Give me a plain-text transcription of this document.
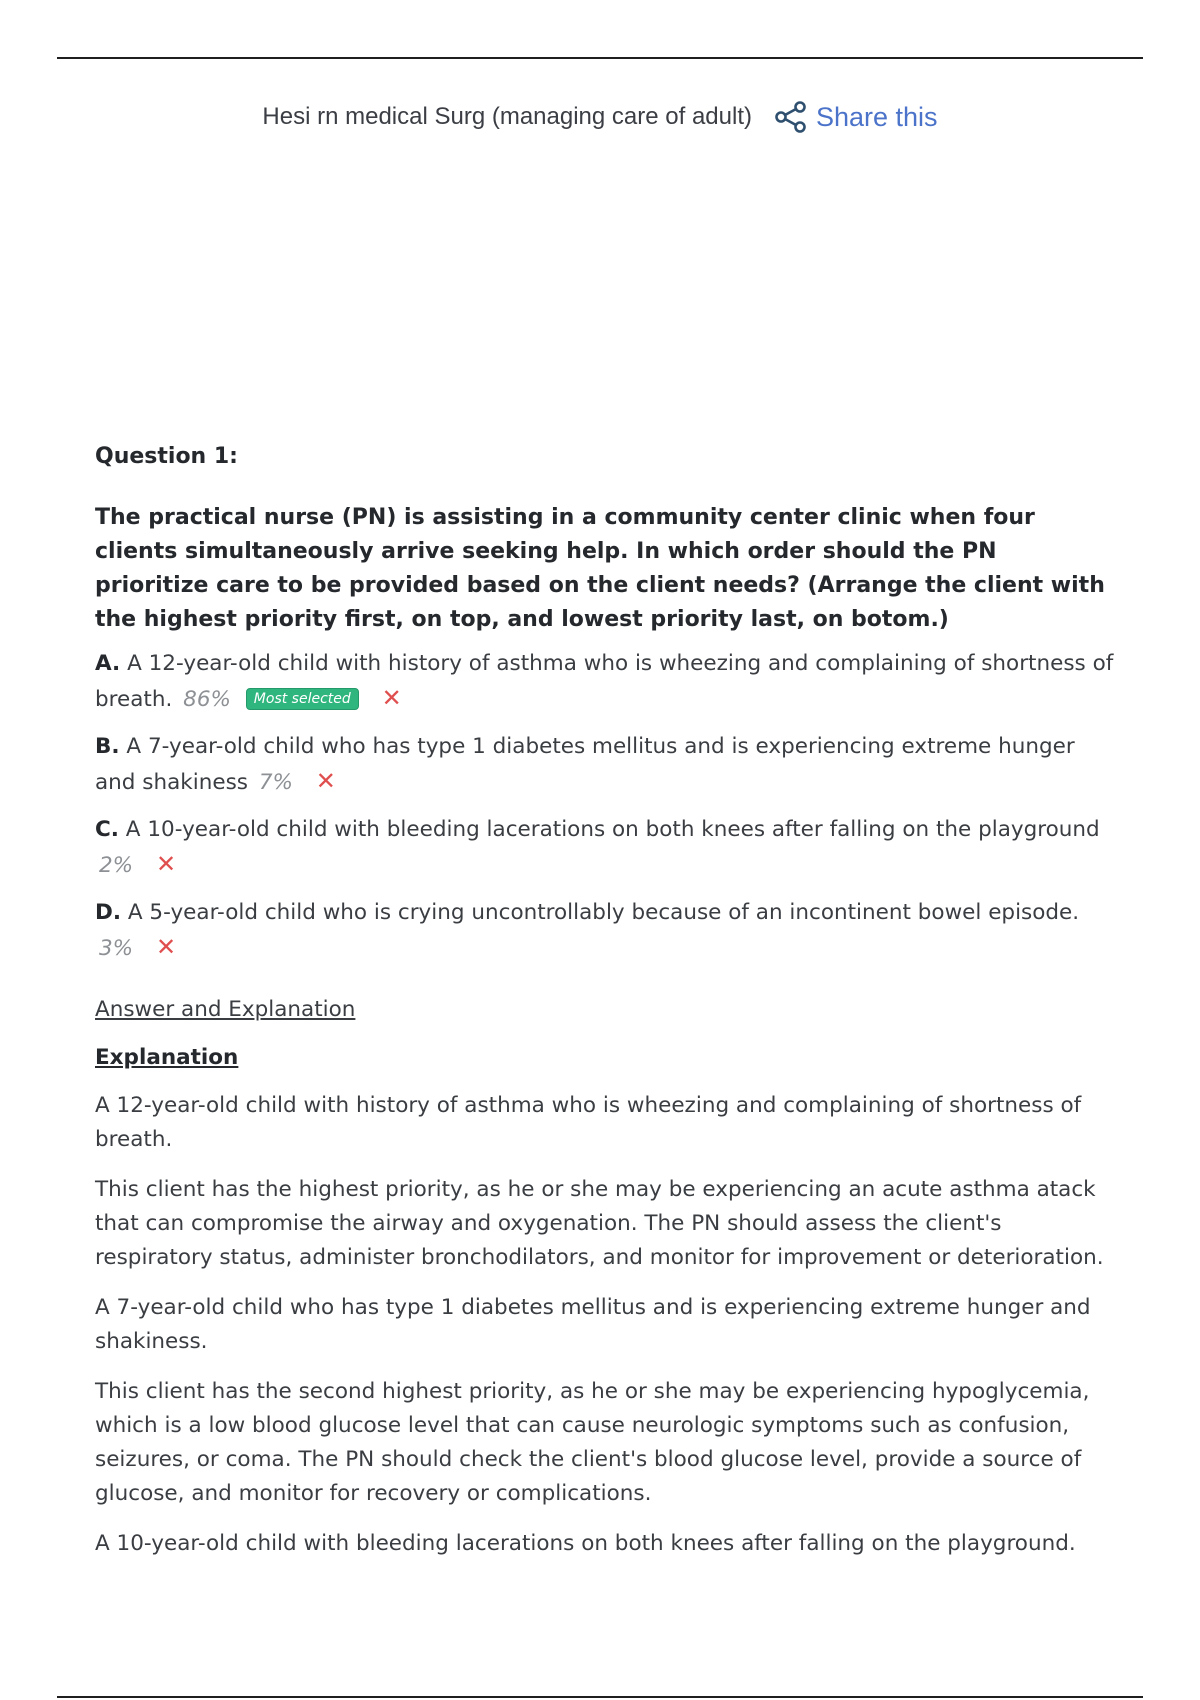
Hesi rn medical Surg (managing care of adult) Share this
Question 1:
The practical nurse (PN) is assisting in a community center clinic when four clients simultaneously arrive seeking help. In which order should the PN prioritize care to be provided based on the client needs? (Arrange the client with the highest priority first, on top, and lowest priority last, on botom.)
A. A 12-year-old child with history of asthma who is wheezing and complaining of shortness of breath. 86% Most selected ✕
B. A 7-year-old child who has type 1 diabetes mellitus and is experiencing extreme hunger and shakiness 7% ✕
C. A 10-year-old child with bleeding lacerations on both knees after falling on the playground 2% ✕
D. A 5-year-old child who is crying uncontrollably because of an incontinent bowel episode. 3% ✕
Answer and Explanation
Explanation

A 12-year-old child with history of asthma who is wheezing and complaining of shortness of breath.

This client has the highest priority, as he or she may be experiencing an acute asthma atack that can compromise the airway and oxygenation. The PN should assess the client's respiratory status, administer bronchodilators, and monitor for improvement or deterioration.

A 7-year-old child who has type 1 diabetes mellitus and is experiencing extreme hunger and shakiness.

This client has the second highest priority, as he or she may be experiencing hypoglycemia, which is a low blood glucose level that can cause neurologic symptoms such as confusion, seizures, or coma. The PN should check the client's blood glucose level, provide a source of glucose, and monitor for recovery or complications.

A 10-year-old child with bleeding lacerations on both knees after falling on the playground.
